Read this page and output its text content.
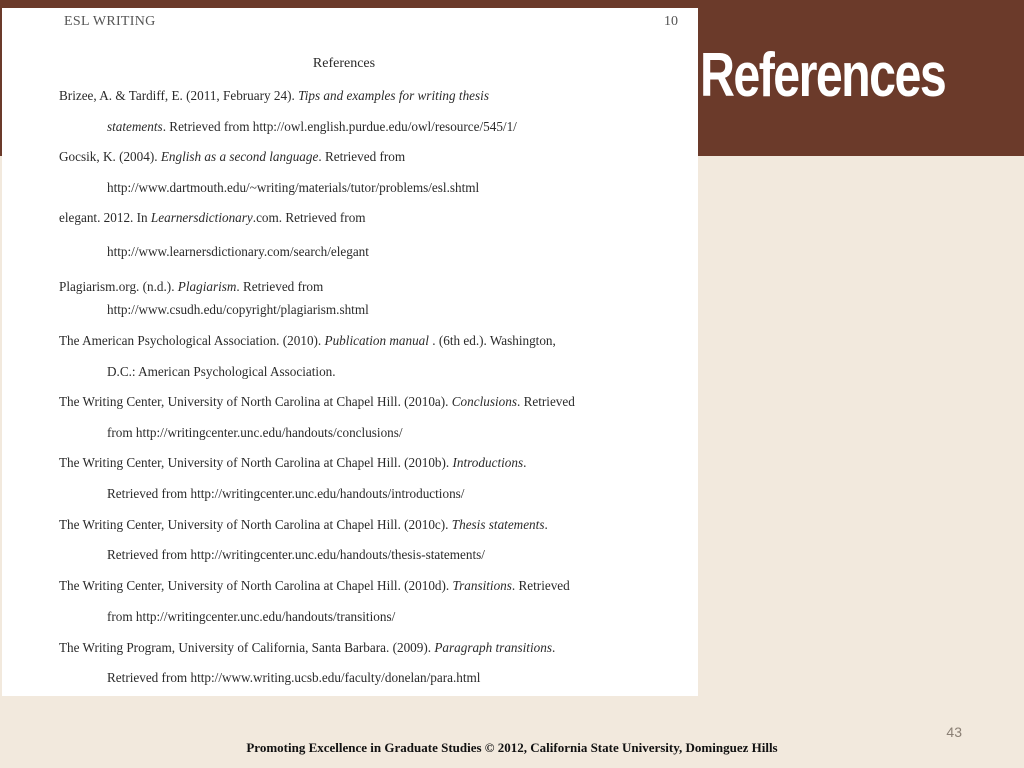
References
ESL WRITING	10
References
Brizee, A. & Tardiff, E. (2011, February 24). Tips and examples for writing thesis
statements. Retrieved from http://owl.english.purdue.edu/owl/resource/545/1/
Gocsik, K. (2004). English as a second language. Retrieved from
http://www.dartmouth.edu/~writing/materials/tutor/problems/esl.shtml
elegant. 2012. In Learnersdictionary.com. Retrieved from
http://www.learnersdictionary.com/search/elegant
Plagiarism.org. (n.d.). Plagiarism. Retrieved from
http://www.csudh.edu/copyright/plagiarism.shtml
The American Psychological Association. (2010). Publication manual . (6th ed.). Washington,
D.C.: American Psychological Association.
The Writing Center, University of North Carolina at Chapel Hill. (2010a). Conclusions. Retrieved
from http://writingcenter.unc.edu/handouts/conclusions/
The Writing Center, University of North Carolina at Chapel Hill. (2010b). Introductions.
Retrieved from http://writingcenter.unc.edu/handouts/introductions/
The Writing Center, University of North Carolina at Chapel Hill. (2010c). Thesis statements.
Retrieved from http://writingcenter.unc.edu/handouts/thesis-statements/
The Writing Center, University of North Carolina at Chapel Hill. (2010d). Transitions. Retrieved
from http://writingcenter.unc.edu/handouts/transitions/
The Writing Program, University of California, Santa Barbara. (2009). Paragraph transitions.
Retrieved from http://www.writing.ucsb.edu/faculty/donelan/para.html
43
Promoting Excellence in Graduate Studies © 2012, California State University, Dominguez Hills
